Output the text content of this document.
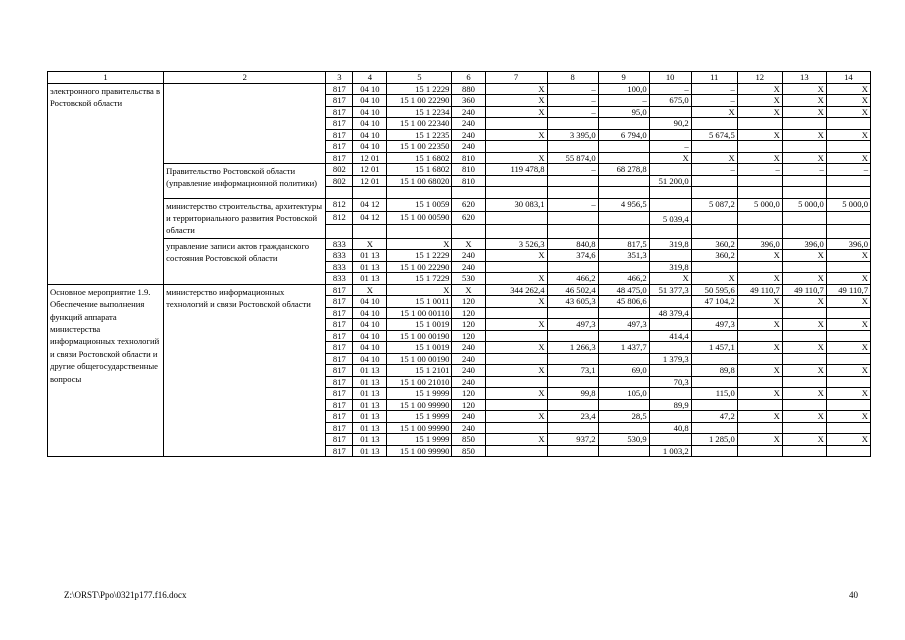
1	2	3	4	5	6	7	8	9	10	11	12	13	14
электронного правительства в Ростовской области		817	04 10	15 1 2229	880	X	–	100,0	–	–	X	X	X
		817	04 10	15 1 00 22290	360	X	–	–	675,0	–	X	X	X
		817	04 10	15 1 2234	240	X	–	95,0		X	X	X	X
		817	04 10	15 1 00 22340	240				90,2				
		817	04 10	15 1 2235	240	X	3 395,0	6 794,0		5 674,5	X	X	X
		817	04 10	15 1 00 22350	240				–				
		817	12 01	15 1 6802	810	X	55 874,0		X	X	X	X	X
	Правительство Ростовской области (управление информационной политики)	802	12 01	15 1 6802	810	119 478,8	–	68 278,8		–	–	–	–
		802	12 01	15 1 00 68020	810				51 200,0				

	министерство строительства, архитектуры и территориального развития Ростовской области	812	04 12	15 1 0059	620	30 083,1	–	4 956,5		5 087,2	5 000,0	5 000,0	5 000,0
		812	04 12	15 1 00 00590	620				5 039,4				

	управление записи актов гражданского состояния Ростовской области	833	X	X	X	3 526,3	840,8	817,5	319,8	360,2	396,0	396,0	396,0
		833	01 13	15 1 2229	240	X	374,6	351,3		360,2	X	X	X
		833	01 13	15 1 00 22290	240				319,8				
		833	01 13	15 1 7229	530	X	466,2	466,2	X	X	X	X	X
Основное мероприятие 1.9. Обеспечение выполнения функций аппарата министерства информационных технологий и связи Ростовской области и другие общегосударственные вопросы	министерство информационных технологий и связи Ростовской области	817	X	X	X	344 262,4	46 502,4	48 475,0	51 377,3	50 595,6	49 110,7	49 110,7	49 110,7
		817	04 10	15 1 0011	120	X	43 605,3	45 806,6		47 104,2	X	X	X
		817	04 10	15 1 00 00110	120				48 379,4				
		817	04 10	15 1 0019	120	X	497,3	497,3		497,3	X	X	X
		817	04 10	15 1 00 00190	120				414,4				
		817	04 10	15 1 0019	240	X	1 266,3	1 437,7		1 457,1	X	X	X
		817	04 10	15 1 00 00190	240				1 379,3				
		817	01 13	15 1 2101	240	X	73,1	69,0		89,8	X	X	X
		817	01 13	15 1 00 21010	240				70,3				
		817	01 13	15 1 9999	120	X	99,8	105,0		115,0	X	X	X
		817	01 13	15 1 00 99990	120				89,9				
		817	01 13	15 1 9999	240	X	23,4	28,5		47,2	X	X	X
		817	01 13	15 1 00 99990	240				40,8				
		817	01 13	15 1 9999	850	X	937,2	530,9		1 285,0	X	X	X
		817	01 13	15 1 00 99990	850				1 003,2				
Z:\ORST\Ppo\0321p177.f16.docx	40
